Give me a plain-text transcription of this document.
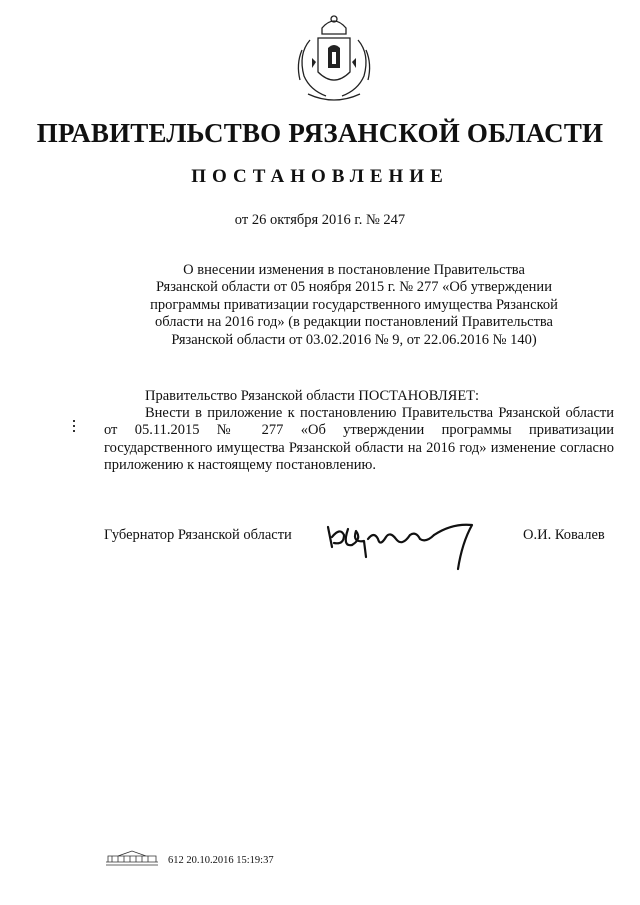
ПРАВИТЕЛЬСТВО РЯЗАНСКОЙ ОБЛАСТИ
ПОСТАНОВЛЕНИЕ
от 26 октября 2016 г. № 247
О внесении изменения в постановление Правительства
Рязанской области от 05 ноября 2015 г. № 277 «Об утверждении
программы приватизации государственного имущества Рязанской
области на 2016 год» (в редакции постановлений Правительства
Рязанской области от 03.02.2016 № 9, от 22.06.2016 № 140)
Правительство Рязанской области ПОСТАНОВЛЯЕТ:
Внести в приложение к постановлению Правительства Рязанской области от 05.11.2015 № 277 «Об утверждении программы приватизации государственного имущества Рязанской области на 2016 год» изменение согласно приложению к настоящему постановлению.
Губернатор Рязанской области	О.И. Ковалев
612 20.10.2016 15:19:37
